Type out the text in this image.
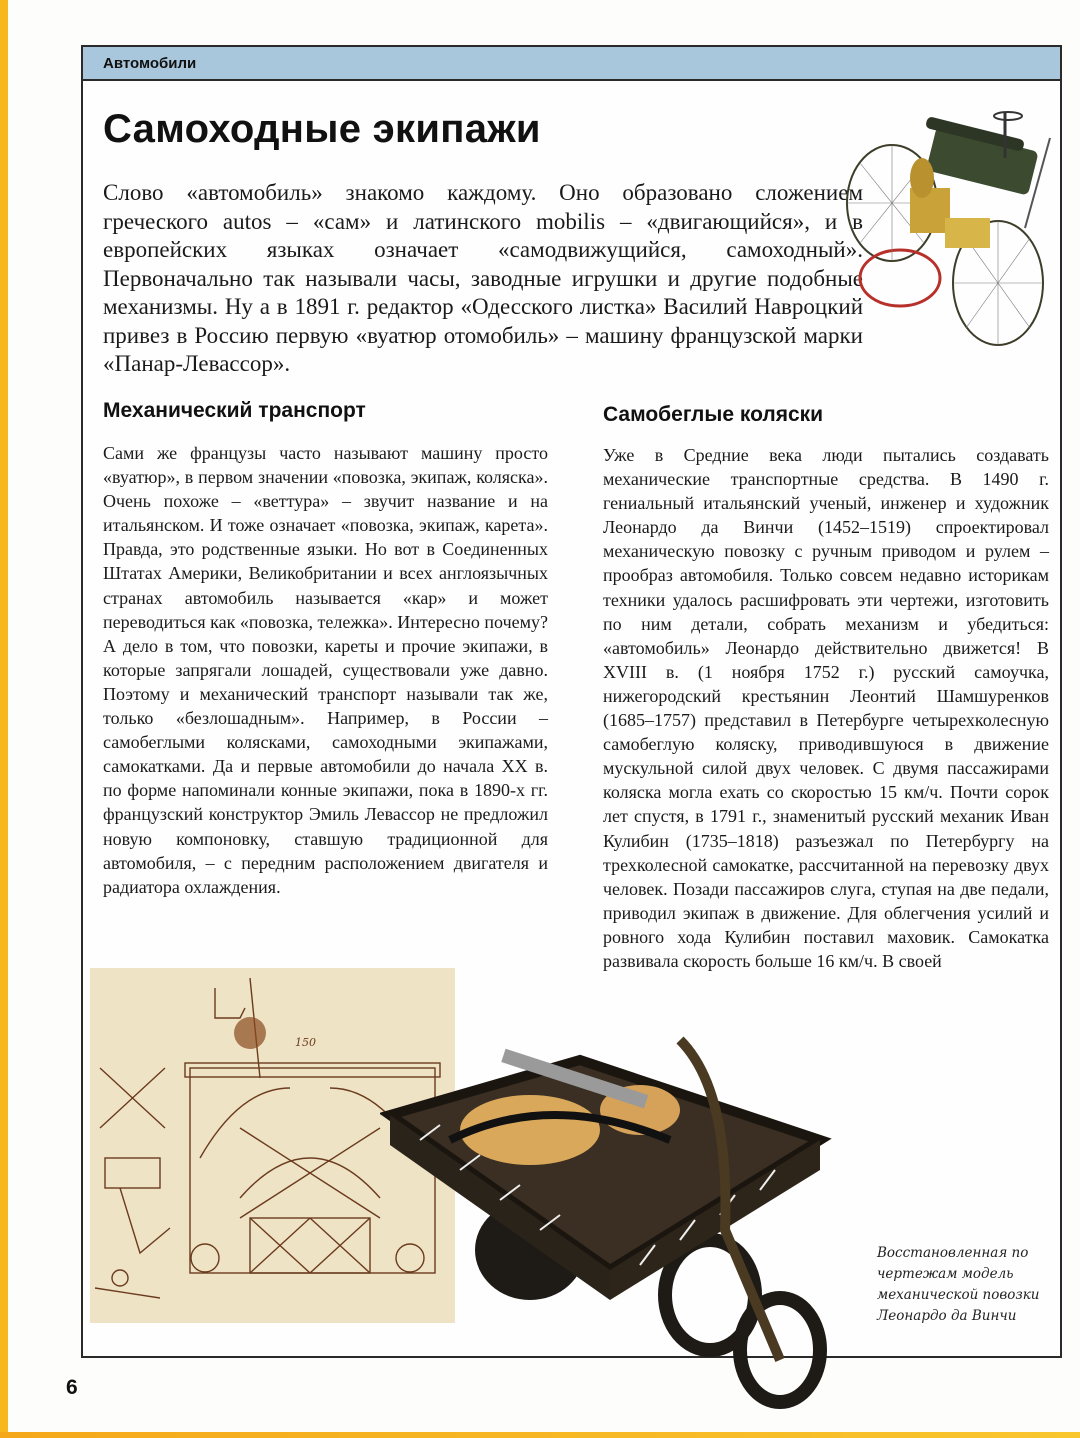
Автомобили
Самоходные экипажи

Слово «автомобиль» знакомо каждому. Оно образовано сложением греческого autos – «сам» и латинского mobilis – «двигающийся», и в европейских языках означает «самодвижущийся, самоходный». Первоначально так называли часы, заводные игрушки и другие подобные механизмы. Ну а в 1891 г. редактор «Одесского листка» Василий Навроцкий привез в Россию первую «вуатюр отомобиль» – машину французской марки «Панар-Левассор».

Механический транспорт

Сами же французы часто называют машину просто «вуатюр», в первом значении «повозка, экипаж, коляска». Очень похоже – «веттура» – звучит название и на итальянском. И тоже означает «повозка, экипаж, карета». Правда, это родственные языки. Но вот в Соединенных Штатах Америки, Великобритании и всех англоязычных странах автомобиль называется «кар» и может переводиться как «повозка, тележка». Интересно почему? А дело в том, что повозки, кареты и прочие экипажи, в которые запрягали лошадей, существовали уже давно. Поэтому и механический транспорт называли так же, только «безлошадным». Например, в России – самобеглыми колясками, самоходными экипажами, самокатками. Да и первые автомобили до начала XX в. по форме напоминали конные экипажи, пока в 1890-х гг. французский конструктор Эмиль Левассор не предложил новую компоновку, ставшую традиционной для автомобиля, – с передним расположением двигателя и радиатора охлаждения.

Самобеглые коляски

Уже в Средние века люди пытались создавать механические транспортные средства. В 1490 г. гениальный итальянский ученый, инженер и художник Леонардо да Винчи (1452–1519) спроектировал механическую повозку с ручным приводом и рулем – прообраз автомобиля. Только совсем недавно историкам техники удалось расшифровать эти чертежи, изготовить по ним детали, собрать механизм и убедиться: «автомобиль» Леонардо действительно движется! В XVIII в. (1 ноября 1752 г.) русский самоучка, нижегородский крестьянин Леонтий Шамшуренков (1685–1757) представил в Петербурге четырехколесную самобеглую коляску, приводившуюся в движение мускульной силой двух человек. С двумя пассажирами коляска могла ехать со скоростью 15 км/ч. Почти сорок лет спустя, в 1791 г., знаменитый русский механик Иван Кулибин (1735–1818) разъезжал по Петербургу на трехколесной самокатке, рассчитанной на перевозку двух человек. Позади пассажиров слуга, ступая на две педали, приводил экипаж в движение. Для облегчения усилий и ровного хода Кулибин поставил маховик. Самокатка развивала скорость больше 16 км/ч. В своей

Восстановленная по чертежам модель механической повозки Леонардо да Винчи

150
6
